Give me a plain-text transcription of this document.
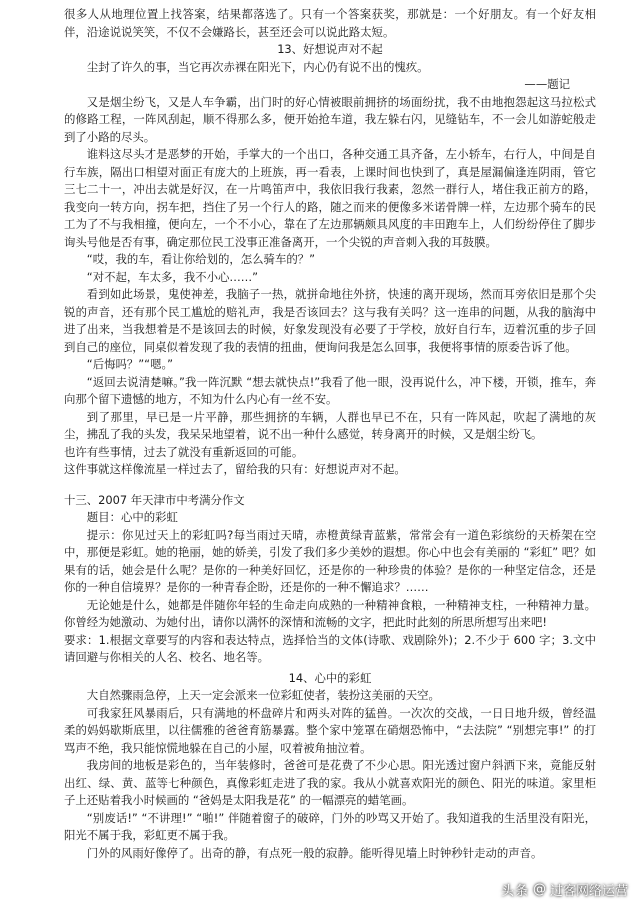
很多人从地理位置上找答案，结果都落选了。只有一个答案获奖，那就是：一个好朋友。有一个好友相伴，沿途说说笑笑，不仅不会嫌路长，甚至还会可以说此路太短。

13、好想说声对不起

尘封了许久的事，当它再次赤裸在阳光下，内心仍有说不出的愧疚。

——题记

又是烟尘纷飞，又是人车争霸，出门时的好心情被眼前拥挤的场面纷扰，我不由地抱怨起这马拉松式的修路工程，一阵风刮起，顺不得那么多，便开始抢车道，我左躲右闪，见缝钻车，不一会儿如游蛇般走到了小路的尽头。

谁料这尽头才是恶梦的开始，手掌大的一个出口，各种交通工具齐备，左小轿车，右行人，中间是自行车族，隔出口相望对面正有庞大的上班族，再一看表，上课时间也快到了，真是屋漏偏逢连阴雨，管它三七二十一，冲出去就是好汉，在一片鸣笛声中，我依旧我行我素，忽然一群行人，堵住我正前方的路，我变向一转方向，拐车把，挡住了另一个行人的路，随之而来的便像多米诺骨牌一样，左边那个骑车的民工为了不与我相撞，便向左，一个不小心，靠在了左边那辆颇具风度的丰田跑车上，人们纷纷停住了脚步询头号他是否有事，确定那位民工没事正准备离开，一个尖锐的声音刺入我的耳鼓膜。

“哎，我的车，看让你给划的，怎么骑车的？”

“对不起，车太多，我不小心……”

看到如此场景，鬼使神差，我脑子一热，就拼命地往外挤，快速的离开现场，然而耳旁依旧是那个尖锐的声音，还有那个民工尴尬的赔礼声，我是否该回去？这与我有关吗？这一连串的问题，从我的脑海中进了出来，当我想着是不是该回去的时候，好象发现没有必要了于学校，放好自行车，迈着沉重的步子回到自己的座位，同桌似着发现了我的表情的扭曲，便询问我是怎么回事，我便将事情的原委告诉了他。

“后悔吗？”“嗯。”

“返回去说清楚嘛。”我一阵沉默 “想去就快点!”我看了他一眼，没再说什么，冲下楼，开锁，推车，奔向那个留下遗憾的地方，不知为什么内心有一丝不安。

到了那里，早已是一片平静，那些拥挤的车辆，人群也早已不在，只有一阵风起，吹起了满地的灰尘，拂乱了我的头发，我呆呆地望着，说不出一种什么感觉，转身离开的时候，又是烟尘纷飞。

也许有些事情，过去了就没有重新返回的可能。

这件事就这样像流星一样过去了，留给我的只有：好想说声对不起。

十三、2007 年天津市中考满分作文

题目：心中的彩虹

提示：你见过天上的彩虹吗?每当雨过天晴，赤橙黄绿青蓝紫，常常会有一道色彩缤纷的天桥架在空中，那便是彩虹。她的艳丽，她的娇美，引发了我们多少美妙的遐想。你心中也会有美丽的 “彩虹” 吧？如果有的话，她会是什么呢？是你的一种美好回忆，还是你的一种珍贵的体验？是你的一种坚定信念，还是你的一种自信境界？是你的一种青春企盼，还是你的一种不懈追求？……

无论她是什么，她都是伴随你年轻的生命走向成熟的一种精神食粮，一种精神支柱，一种精神力量。你曾经为她激动、为她付出，请你以满怀的深情和流畅的文字，把此时此刻的所思所想写出来吧!

要求：1.根据文章要写的内容和表达特点，选择恰当的文体(诗歌、戏剧除外)；2.不少于 600 字；3.文中请回避与你相关的人名、校名、地名等。

14、心中的彩虹

大自然骤雨急停，上天一定会派来一位彩虹使者，装扮这美丽的天空。

可我家狂风暴雨后，只有满地的杯盘碎片和两头对阵的猛兽。一次次的交战，一日日地升级，曾经温柔的妈妈歇斯底里，以往儒雅的爸爸育筋暴露。整个家中笼罩在硝烟恐怖中，“去法院” “别想完事!” 的打骂声不绝，我只能惊慌地躲在自己的小屋，叹着被角抽泣着。

我房间的地板是彩色的，当年装修时，爸爸可是花费了不少心思。阳光透过窗户斜洒下来，竟能反射出红、绿、黄、蓝等七种颜色，真像彩虹走进了我的家。我从小就喜欢阳光的颜色、阳光的味道。家里柜子上还贴着我小时候画的 “爸妈是太阳我是花” 的一幅漂亮的蜡笔画。

“别废话!” “不讲理!” “啪!” 伴随着窗子的破碎，门外的吵骂又开始了。我知道我的生活里没有阳光，阳光不属于我，彩虹更不属于我。

门外的风雨好像停了。出奇的静，有点死一般的寂静。能听得见墙上时钟秒针走动的声音。

头条 @ 过客网络运营
